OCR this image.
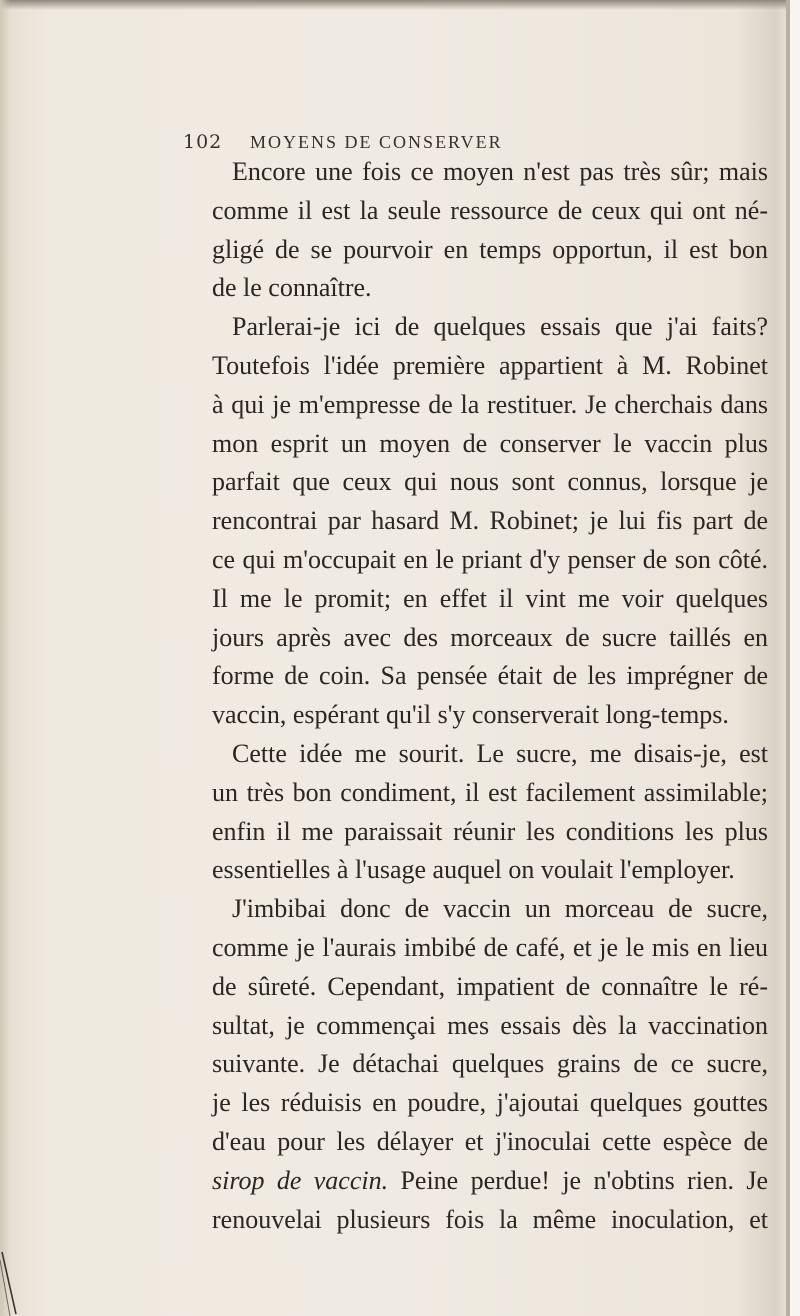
102 MOYENS DE CONSERVER
Encore une fois ce moyen n'est pas très sûr; mais
comme il est la seule ressource de ceux qui ont né-
gligé de se pourvoir en temps opportun, il est bon
de le connaître.
Parlerai-je ici de quelques essais que j'ai faits?
Toutefois l'idée première appartient à M. Robinet
à qui je m'empresse de la restituer. Je cherchais dans
mon esprit un moyen de conserver le vaccin plus
parfait que ceux qui nous sont connus, lorsque je
rencontrai par hasard M. Robinet; je lui fis part de
ce qui m'occupait en le priant d'y penser de son côté.
Il me le promit; en effet il vint me voir quelques
jours après avec des morceaux de sucre taillés en
forme de coin. Sa pensée était de les imprégner de
vaccin, espérant qu'il s'y conserverait long-temps.
Cette idée me sourit. Le sucre, me disais-je, est
un très bon condiment, il est facilement assimilable;
enfin il me paraissait réunir les conditions les plus
essentielles à l'usage auquel on voulait l'employer.
J'imbibai donc de vaccin un morceau de sucre,
comme je l'aurais imbibé de café, et je le mis en lieu
de sûreté. Cependant, impatient de connaître le ré-
sultat, je commençai mes essais dès la vaccination
suivante. Je détachai quelques grains de ce sucre,
je les réduisis en poudre, j'ajoutai quelques gouttes
d'eau pour les délayer et j'inoculai cette espèce de
sirop de vaccin. Peine perdue! je n'obtins rien. Je
renouvelai plusieurs fois la même inoculation, et
